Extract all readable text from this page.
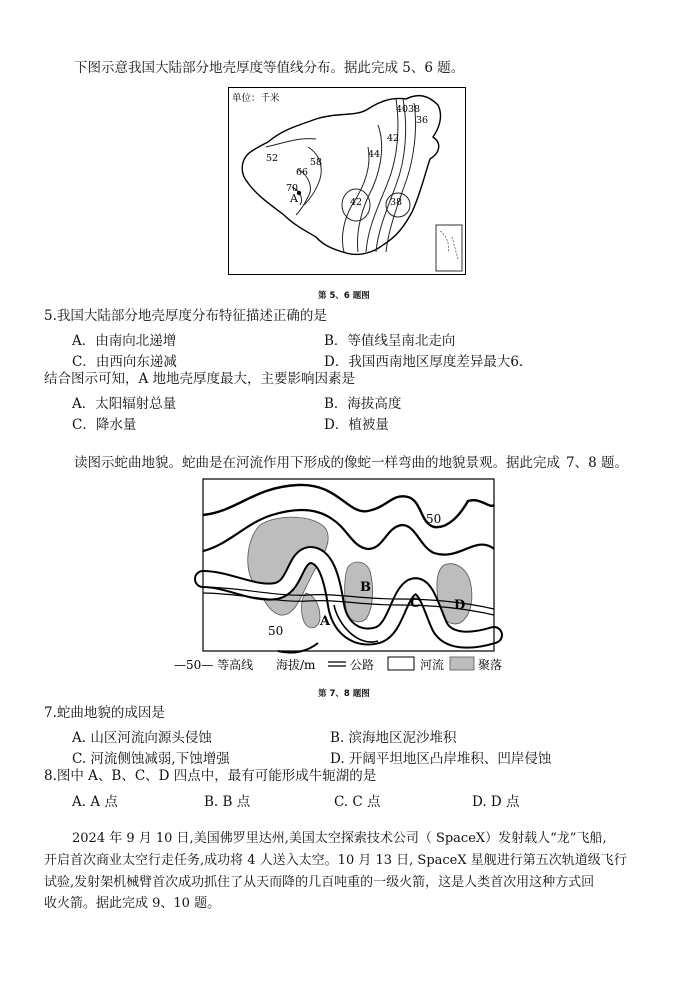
下图示意我国大陆部分地壳厚度等值线分布。据此完成 5、6 题。
单位：千米
40 38
36
42
44
52	58
66
70
42	38
A
第 5、6 题图
5.我国大陆部分地壳厚度分布特征描述正确的是
A．由南向北递增	B．等值线呈南北走向
C．由西向东递减	D．我国西南地区厚度差异最大6.
结合图示可知，A 地地壳厚度最大，主要影响因素是
A．太阳辐射总量	B．海拔高度
C．降水量	D．植被量
读图示蛇曲地貌。蛇曲是在河流作用下形成的像蛇一样弯曲的地貌景观。据此完成 7、8 题。
50
50
A
B
C	D
—50— 等高线 海拔/m	公路	河流	聚落
第 7、8 题图
7.蛇曲地貌的成因是
A. 山区河流向源头侵蚀	B. 滨海地区泥沙堆积
C. 河流侧蚀减弱,下蚀增强	D. 开阔平坦地区凸岸堆积、凹岸侵蚀
8.图中 A、B、C、D 四点中，最有可能形成牛轭湖的是
A. A 点	B. B 点	C. C 点	D. D 点
2024 年 9 月 10 日,美国佛罗里达州,美国太空探索技术公司（ SpaceX）发射载人“龙”飞船,
开启首次商业太空行走任务,成功将 4 人送入太空。10 月 13 日, SpaceX 星舰进行第五次轨道级飞行
试验,发射架机械臂首次成功抓住了从天而降的几百吨重的一级火箭，这是人类首次用这种方式回
收火箭。据此完成 9、10 题。
